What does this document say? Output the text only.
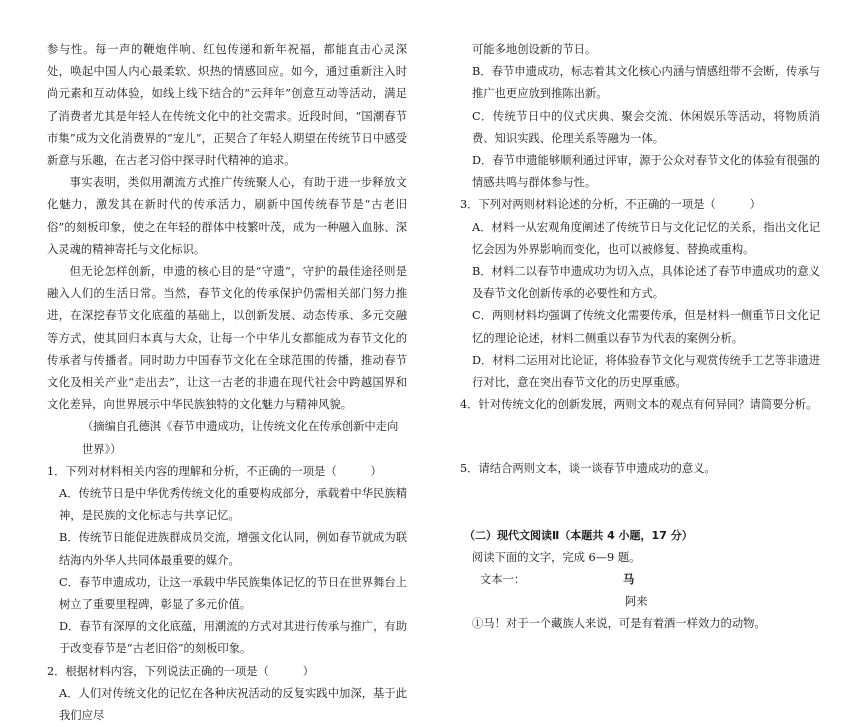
参与性。每一声的鞭炮伴响、红包传递和新年祝福，都能直击心灵深处，唤起中国人内心最柔软、炽热的情感回应。如今，通过重新注入时尚元素和互动体验，如线上线下结合的“云拜年”创意互动等活动，满足了消费者尤其是年轻人在传统文化中的社交需求。近段时间，“国潮春节市集”成为文化消费界的“宠儿”，正契合了年轻人期望在传统节日中感受新意与乐趣，在古老习俗中探寻时代精神的追求。

事实表明，类似用潮流方式推广传统聚人心，有助于进一步释放文化魅力，激发其在新时代的传承活力，刷新中国传统春节是“古老旧俗”的刻板印象，使之在年轻的群体中枝繁叶茂，成为一种融入血脉、深入灵魂的精神寄托与文化标识。

但无论怎样创新，申遗的核心目的是“守遗”，守护的最佳途径则是融入人们的生活日常。当然，春节文化的传承保护仍需相关部门努力推进，在深挖春节文化底蕴的基础上，以创新发展、动态传承、多元交融等方式，使其回归本真与大众，让每一个中华儿女都能成为春节文化的传承者与传播者。同时助力中国春节文化在全球范围的传播，推动春节文化及相关产业“走出去”，让这一古老的非遗在现代社会中跨越国界和文化差异，向世界展示中华民族独特的文化魅力与精神风貌。

（摘编自孔德淇《春节申遗成功，让传统文化在传承创新中走向世界》）

1．下列对材料相关内容的理解和分析，不正确的一项是（　　　）

A．传统节日是中华优秀传统文化的重要构成部分，承载着中华民族精神，是民族的文化标志与共享记忆。

B．传统节日能促进族群成员交流，增强文化认同，例如春节就成为联结海内外华人共同体最重要的媒介。

C．春节申遗成功，让这一承载中华民族集体记忆的节日在世界舞台上树立了重要里程碑，彰显了多元价值。

D．春节有深厚的文化底蕴，用潮流的方式对其进行传承与推广，有助于改变春节是“古老旧俗”的刻板印象。

2．根据材料内容，下列说法正确的一项是（　　　）

A．人们对传统文化的记忆在各种庆祝活动的反复实践中加深，基于此我们应尽

可能多地创设新的节日。

B．春节申遗成功，标志着其文化核心内涵与情感纽带不会断，传承与推广也更应放到推陈出新。

C．传统节日中的仪式庆典、聚会交流、休闲娱乐等活动，将物质消费、知识实践、伦理关系等融为一体。

D．春节申遗能够顺利通过评审，源于公众对春节文化的体验有很强的情感共鸣与群体参与性。

3．下列对两则材料论述的分析，不正确的一项是（　　　）

A．材料一从宏观角度阐述了传统节日与文化记忆的关系，指出文化记忆会因为外界影响而变化，也可以被修复、替换或重构。

B．材料二以春节申遗成功为切入点，具体论述了春节申遗成功的意义及春节文化创新传承的必要性和方式。

C．两则材料均强调了传统文化需要传承，但是材料一侧重节日文化记忆的理论论述，材料二侧重以春节为代表的案例分析。

D．材料二运用对比论证，将体验春节文化与观赏传统手工艺等非遗进行对比，意在突出春节文化的历史厚重感。

4．针对传统文化的创新发展，两则文本的观点有何异同？请简要分析。

5．请结合两则文本，谈一谈春节申遗成功的意义。

（二）现代文阅读Ⅱ（本题共 4 小题，17 分）

阅读下面的文字，完成 6—9 题。

文本一：	马

阿来

①马！对于一个藏族人来说，可是有着酒一样效力的动物。
